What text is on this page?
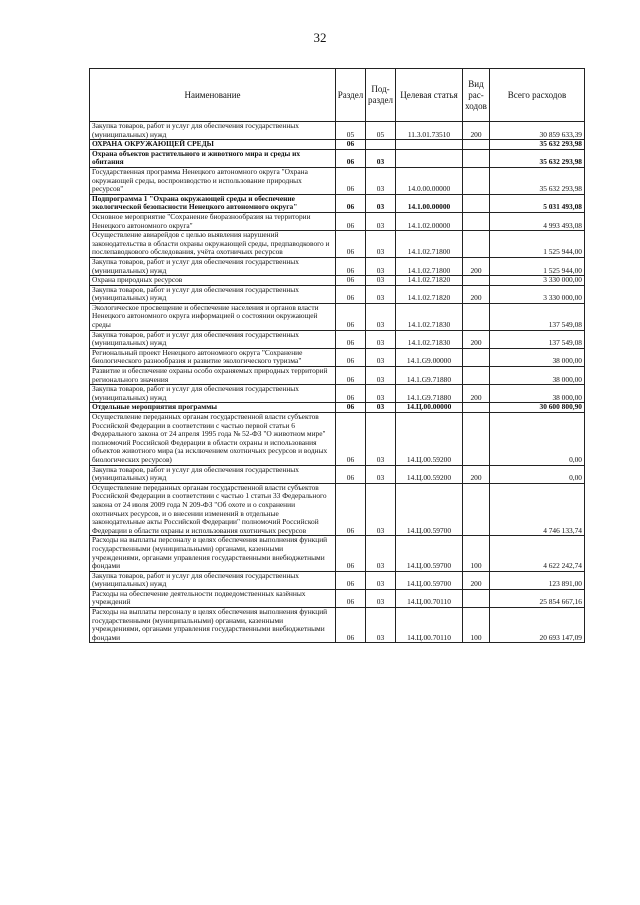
32
Наименование	Раздел	Под-раздел	Целевая статья	Вид рас-ходов	Всего расходов
Закупка товаров, работ и услуг для обеспечения государственных (муниципальных) нужд	05	05	11.3.01.73510	200	30 859 633,39
ОХРАНА ОКРУЖАЮЩЕЙ СРЕДЫ	06				35 632 293,98
Охрана объектов растительного и животного мира и среды их обитания	06	03			35 632 293,98
Государственная программа Ненецкого автономного округа "Охрана окружающей среды, воспроизводство и использование природных ресурсов"	06	03	14.0.00.00000		35 632 293,98
Подпрограмма 1 "Охрана окружающей среды и обеспечение экологической безопасности Ненецкого автономного округа"	06	03	14.1.00.00000		5 031 493,08
Основное мероприятие "Сохранение биоразнообразия на территории Ненецкого автономного округа"	06	03	14.1.02.00000		4 993 493,08
Осуществление авиарейдов с целью выявления нарушений законодательства в области охраны окружающей среды, предпаводкового и послепаводкового обследования, учёта охотничьих ресурсов	06	03	14.1.02.71800		1 525 944,00
Закупка товаров, работ и услуг для обеспечения государственных (муниципальных) нужд	06	03	14.1.02.71800	200	1 525 944,00
Охрана природных ресурсов	06	03	14.1.02.71820		3 330 000,00
Закупка товаров, работ и услуг для обеспечения государственных (муниципальных) нужд	06	03	14.1.02.71820	200	3 330 000,00
Экологическое просвещение и обеспечение населения и органов власти Ненецкого автономного округа информацией о состоянии окружающей среды	06	03	14.1.02.71830		137 549,08
Закупка товаров, работ и услуг для обеспечения государственных (муниципальных) нужд	06	03	14.1.02.71830	200	137 549,08
Региональный проект Ненецкого автономного округа "Сохранение биологического разнообразия и развитие экологического туризма"	06	03	14.1.G9.00000		38 000,00
Развитие и обеспечение охраны особо охраняемых природных территорий регионального значения	06	03	14.1.G9.71880		38 000,00
Закупка товаров, работ и услуг для обеспечения государственных (муниципальных) нужд	06	03	14.1.G9.71880	200	38 000,00
Отдельные мероприятия программы	06	03	14.Ц.00.00000		30 600 800,90
Осуществление переданных органам государственной власти субъектов Российской Федерации в соответствии с частью первой статьи 6 Федерального закона от 24 апреля 1995 года № 52-ФЗ "О животном мире" полномочий Российской Федерации в области охраны и использования объектов животного мира (за исключением охотничьих ресурсов и водных биологических ресурсов)	06	03	14.Ц.00.59200		0,00
Закупка товаров, работ и услуг для обеспечения государственных (муниципальных) нужд	06	03	14.Ц.00.59200	200	0,00
Осуществление переданных органам государственной власти субъектов Российской Федерации в соответствии с частью 1 статьи 33 Федерального закона от 24 июля 2009 года N 209-ФЗ "Об охоте и о сохранении охотничьих ресурсов, и о внесении изменений в отдельные законодательные акты Российской Федерации" полномочий Российской Федерации в области охраны и использования охотничьих ресурсов	06	03	14.Ц.00.59700		4 746 133,74
Расходы на выплаты персоналу в целях обеспечения выполнения функций государственными (муниципальными) органами, казенными учреждениями, органами управления государственными внебюджетными фондами	06	03	14.Ц.00.59700	100	4 622 242,74
Закупка товаров, работ и услуг для обеспечения государственных (муниципальных) нужд	06	03	14.Ц.00.59700	200	123 891,00
Расходы на обеспечение деятельности подведомственных казённых учреждений	06	03	14.Ц.00.70110		25 854 667,16
Расходы на выплаты персоналу в целях обеспечения выполнения функций государственными (муниципальными) органами, казенными учреждениями, органами управления государственными внебюджетными фондами	06	03	14.Ц.00.70110	100	20 693 147,09
